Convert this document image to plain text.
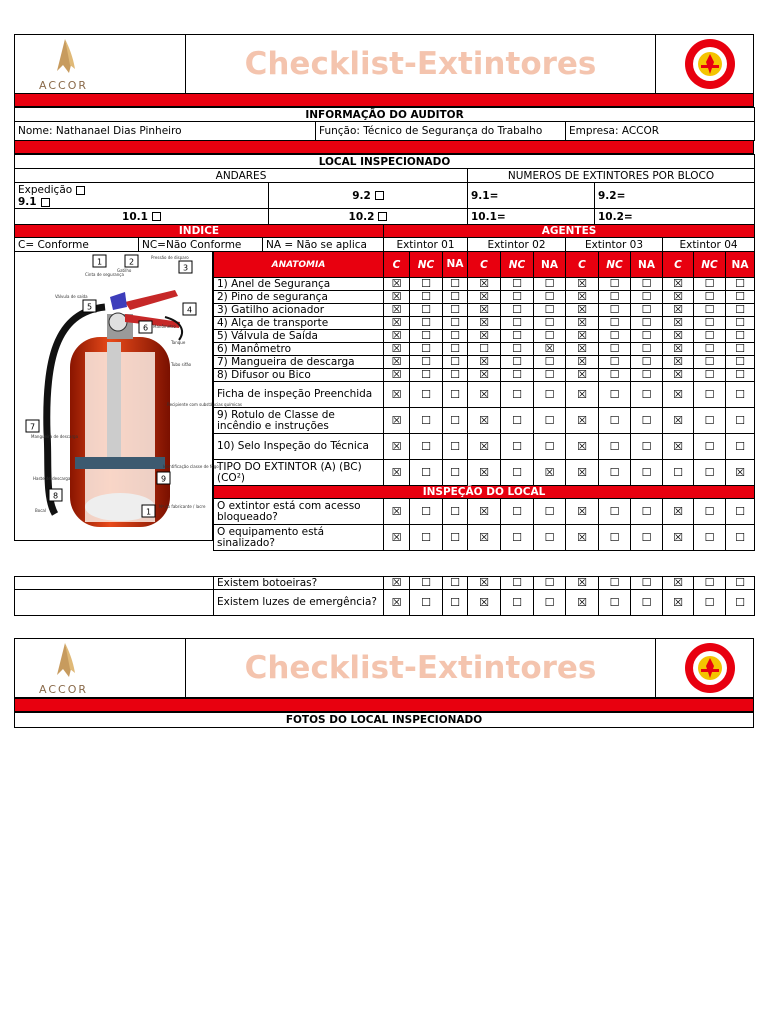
ACCOR
Checklist-Extintores
INFORMAÇÃO DO AUDITOR
Nome: Nathanael Dias Pinheiro	Função: Técnico de Segurança do Trabalho	Empresa: ACCOR
LOCAL INSPECIONADO			
ANDARES		NUMEROS DE EXTINTORES POR BLOCO	

Expedição
9.1	9.2	9.1=	9.2=
10.1	10.2	10.1=	10.2=
INDICE			AGENTES			
C= Conforme	NC=Não Conforme	NA = Não se aplica	Extintor 01	Extintor 02	Extintor 03	Extintor 04
1	2
3
4
5
6
7
8
9
1
Cinta de segurança
Válvula de saída
Pressão de disparo
Gatilho
Manômetro
Tanque
Tubo sifão
Recipiente com substâncias químicas
Mangueira de descarga
Identificação classe de fogo
Haste de descarga
Bocal
Nº do fabricante / lacre
ANATOMIA	C	NC	NA	C	NC	NA	C	NC	NA	C	NC	NA
1) Anel de Segurança	☒	☐	☐	☒	☐	☐	☒	☐	☐	☒	☐	☐
2) Pino de segurança	☒	☐	☐	☒	☐	☐	☒	☐	☐	☒	☐	☐
3) Gatilho acionador	☒	☐	☐	☒	☐	☐	☒	☐	☐	☒	☐	☐
4) Alça de transporte	☒	☐	☐	☒	☐	☐	☒	☐	☐	☒	☐	☐
5) Válvula de Saída	☒	☐	☐	☒	☐	☐	☒	☐	☐	☒	☐	☐
6) Manômetro	☒	☐	☐	☐	☐	☒	☒	☐	☐	☒	☐	☐
7) Mangueira de descarga	☒	☐	☐	☒	☐	☐	☒	☐	☐	☒	☐	☐
8) Difusor ou Bico	☒	☐	☐	☒	☐	☐	☒	☐	☐	☒	☐	☐
Ficha de inspeção Preenchida	☒	☐	☐	☒	☐	☐	☒	☐	☐	☒	☐	☐
9) Rotulo de Classe de incêndio e instruções	☒	☐	☐	☒	☐	☐	☒	☐	☐	☒	☐	☐
10) Selo Inspeção do Técnica	☒	☐	☐	☒	☐	☐	☒	☐	☐	☒	☐	☐
TIPO DO EXTINTOR (A) (BC) (CO²)	☒	☐	☐	☒	☐	☒	☒	☐	☐	☐	☐	☒
INSPEÇÃO DO LOCAL												
O extintor está com acesso bloqueado?	☒	☐	☐	☒	☐	☐	☒	☐	☐	☒	☐	☐
O equipamento está sinalizado?	☒	☐	☐	☒	☐	☐	☒	☐	☐	☒	☐	☐
	Existem botoeiras?	☒	☐	☐	☒	☐	☐	☒	☐	☐	☒	☐	☐
	Existem luzes de emergência?	☒	☐	☐	☒	☐	☐	☒	☐	☐	☒	☐	☐
ACCOR
Checklist-Extintores
FOTOS DO LOCAL INSPECIONADO
